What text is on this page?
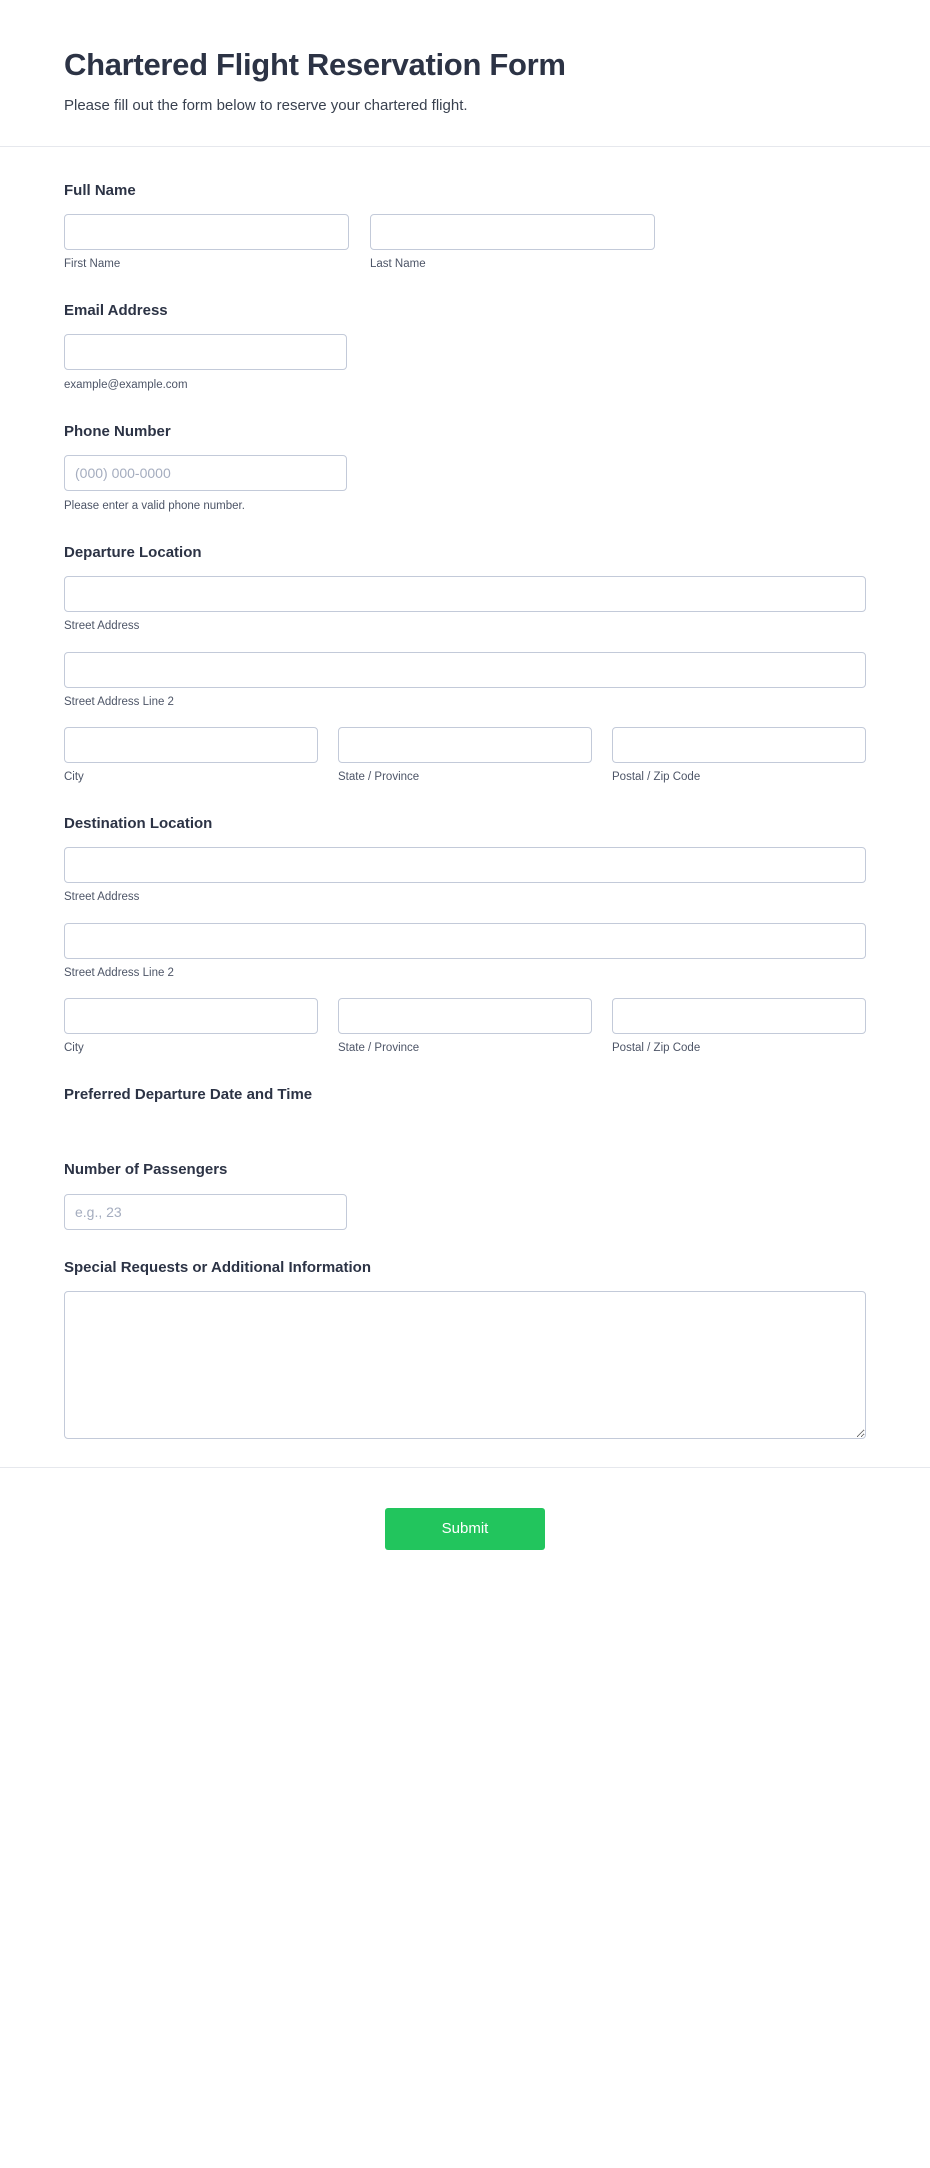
Chartered Flight Reservation Form

Please fill out the form below to reserve your chartered flight.

Full Name
First Name	Last Name
Email Address
example@example.com
Phone Number
(000) 000-0000
Please enter a valid phone number.
Departure Location
Street Address
Street Address Line 2
City	State / Province	Postal / Zip Code
Destination Location
Street Address
Street Address Line 2
City	State / Province	Postal / Zip Code
Preferred Departure Date and Time
Number of Passengers
e.g., 23
Special Requests or Additional Information
Submit
